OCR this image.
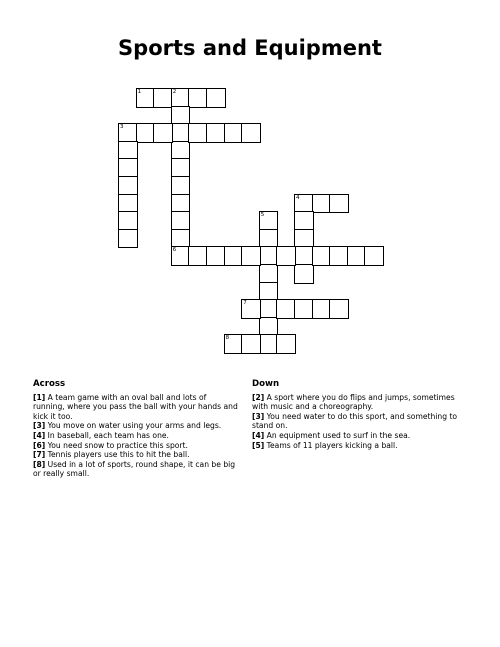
Sports and Equipment
1	2
6
3
4
5
7
8
Across

[1] A team game with an oval ball and lots of running, where you pass the ball with your hands and kick it too.

[3] You move on water using your arms and legs.

[4] In baseball, each team has one.

[6] You need snow to practice this sport.

[7] Tennis players use this to hit the ball.

[8] Used in a lot of sports, round shape, it can be big or really small.

Down

[2] A sport where you do flips and jumps, sometimes with music and a choreography.

[3] You need water to do this sport, and something to stand on.

[4] An equipment used to surf in the sea.

[5] Teams of 11 players kicking a ball.
